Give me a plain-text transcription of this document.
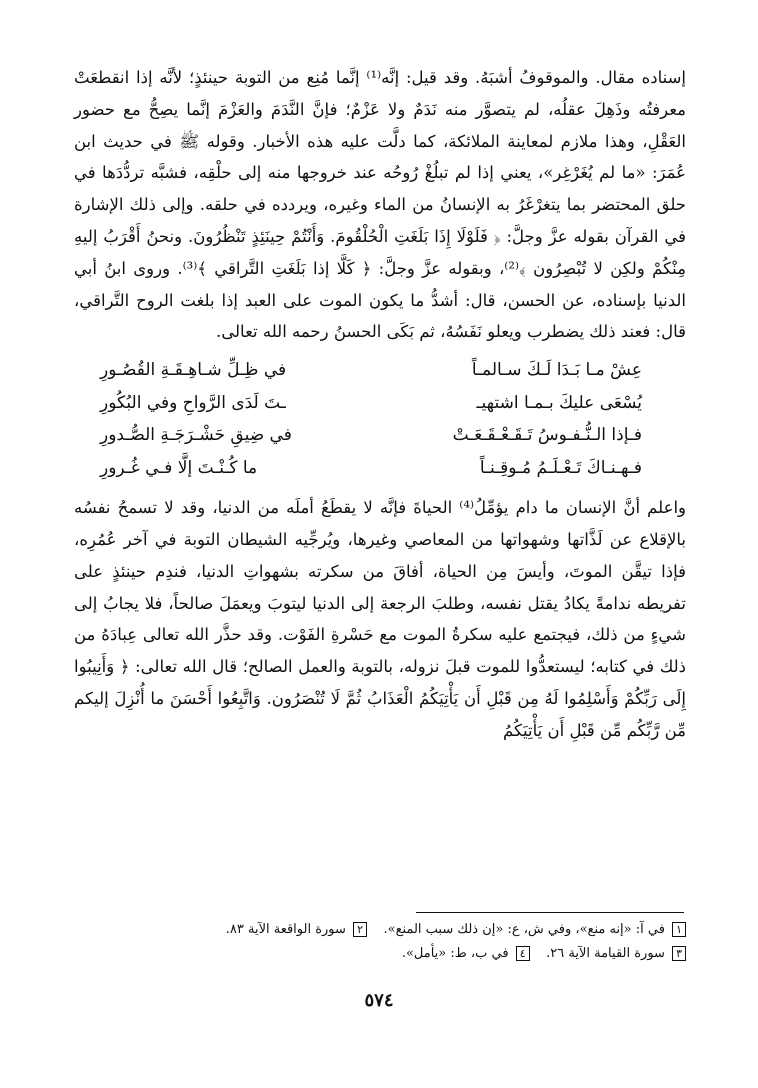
إسناده مقال. والموقوفُ أشبَهُ. وقد قيل: إنَّه⁽¹⁾ إنَّما مُنِع من التوبة حينئذٍ؛ لأنَّه إذا انقطعَتْ معرفتُه وذَهِلَ عقلُه، لم يتصوَّر منه نَدَمٌ ولا عَزْمٌ؛ فإنَّ النَّدَمَ والعَزْمَ إنَّما يصِحُّ مع حضور العَقْلِ، وهذا ملازم لمعاينة الملائكة، كما دلَّت عليه هذه الأخبار. وقوله ﷺ في حديث ابن عُمَرَ: «ما لم يُغَرْغِر»، يعني إذا لم تبلُغْ رُوحُه عند خروجها منه إلى حلْقِه، فشبَّه تردُّدَها في حلق المحتضر بما يتغرْغَرُ به الإنسانُ من الماء وغيره، ويردده في حلقه. وإلى ذلك الإشارة في القرآن بقوله عزَّ وجلَّ: ﴿ فَلَوْلَا إِذَا بَلَغَتِ الْحُلْقُومَ. وَأَنْتُمْ حِينَئِذٍ تَنْظُرُونَ. ونحنُ أَقْرَبُ إليهِ مِنْكُمْ ولكِن لا تُبْصِرُون ﴾⁽²⁾، وبقوله عزَّ وجلَّ: ﴿ كَلَّا إذا بَلَغَتِ التَّراقي ﴾⁽³⁾. وروى ابنُ أبي الدنيا بإسناده، عن الحسن، قال: أشدُّ ما يكون الموت على العبد إذا بلغت الروح التَّراقي، قال: فعند ذلك يضطرب ويعلو نَفَسُهُ، ثم بَكَى الحسنُ رحمه الله تعالى.

عِشْ مـا بَـدَا لَـكَ سـالمـاً
في ظِـلِّ شـاهِـقَـةِ القُصُـورِ
يُسْعَى عليكَ بـمـا اشتهيـ
ـتَ لَدَى الرَّواحِ وفي البُكُورِ
فـإذا الـنُّـفـوسُ تَـقَـعْـقَـعَـتْ
في ضِيقِ حَشْـرَجَـةِ الصُّـدورِ
فـهـنـاكَ تَـعْـلَـمُ مُـوقِـنـاً
ما كُـنْـتَ إلَّا فـي غُـرورِ

واعلم أنَّ الإنسان ما دام يؤمِّلُ⁽⁴⁾ الحياةَ فإنَّه لا يقطَعُ أملَه من الدنيا، وقد لا تسمحُ نفسُه بالإقلاع عن لَذَّاتها وشهواتها من المعاصي وغيرها، ويُرجِّيه الشيطان التوبة في آخر عُمُرِه، فإذا تيقَّن الموتَ، وأيسَ مِن الحياة، أفاقَ من سكرته بشهواتِ الدنيا، فندِم حينئذٍ على تفريطه ندامةً يكادُ يقتل نفسه، وطلبَ الرجعة إلى الدنيا ليتوبَ ويعمَلَ صالحاً، فلا يجابُ إلى شيءٍ من ذلك، فيجتمع عليه سكرةُ الموت مع حَسْرةِ الفَوْت. وقد حذَّر الله تعالى عِبادَهُ من ذلك في كتابه؛ ليستعدُّوا للموت قبلَ نزوله، بالتوبة والعمل الصالح؛ قال الله تعالى: ﴿ وَأَنِيبُوا إِلَى رَبِّكُمْ وَأَسْلِمُوا لَهُ مِن قَبْلِ أَن يَأْتِيَكُمُ الْعَذَابُ ثُمَّ لَا تُنْصَرُون. وَاتَّبِعُوا أَحْسَنَ ما أُنْزِلَ إليكم مِّن رَّبِّكُم مِّن قَبْلِ أَن يَأْتِيَكُمُ

١ في آ: «إنه منع»، وفي ش، ع: «إن ذلك سبب المنع».    ٢ سورة الواقعة الآية ٨٣.
٣ سورة القيامة الآية ٢٦.    ٤ في ب، ط: «يأمل».
٥٧٤
